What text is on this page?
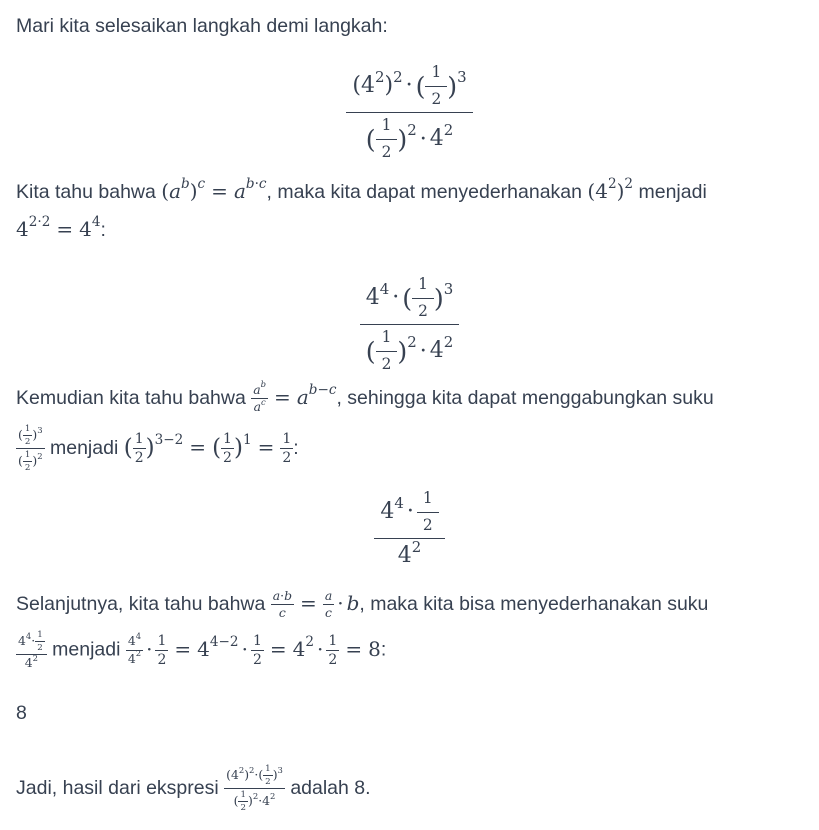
Mari kita selesaikan langkah demi langkah:
$\frac{(4^2)^2 \cdot ( \frac{1}{2} )^3}{( \frac{1}{2} )^2 \cdot 4^2}$
Kita tahu bahwa $(a^b)^c = a^{b\cdot c}$, maka kita dapat menyederhanakan $(4^2)^2$ menjadi
$4^{2\cdot 2} = 4^4$:
$\frac{4^4 \cdot ( \frac{1}{2} )^3}{( \frac{1}{2} )^2 \cdot 4^2}$
Kemudian kita tahu bahwa $\frac{a^b}{a^c} = a^{b-c}$, sehingga kita dapat menggabungkan suku
$\frac{( \frac{1}{2} )^3}{( \frac{1}{2} )^2}$ menjadi ( $\frac{1}{2} )^{3-2}$ = ( $\frac{1}{2} )^1 = \frac{1}{2}$ :
$\frac{4^4 \cdot \frac{1}{2}}{4^2}$
Selanjutnya, kita tahu bahwa $\frac{a\cdot b}{c} = \frac{a}{c} \cdot b$, maka kita bisa menyederhanakan suku
$\frac{4^4\cdot \frac{1}{2}}{4^2}$ menjadi $\frac{4^4}{4^2} \cdot \frac{1}{2} = 4^{4-2} \cdot \frac{1}{2} = 4^2 \cdot \frac{1}{2} = 8$:
8
Jadi, hasil dari ekspresi $\frac{(4^2)^2\cdot( \frac{1}{2} )^3}{( \frac{1}{2} )^2\cdot 4^2}$ adalah 8.
